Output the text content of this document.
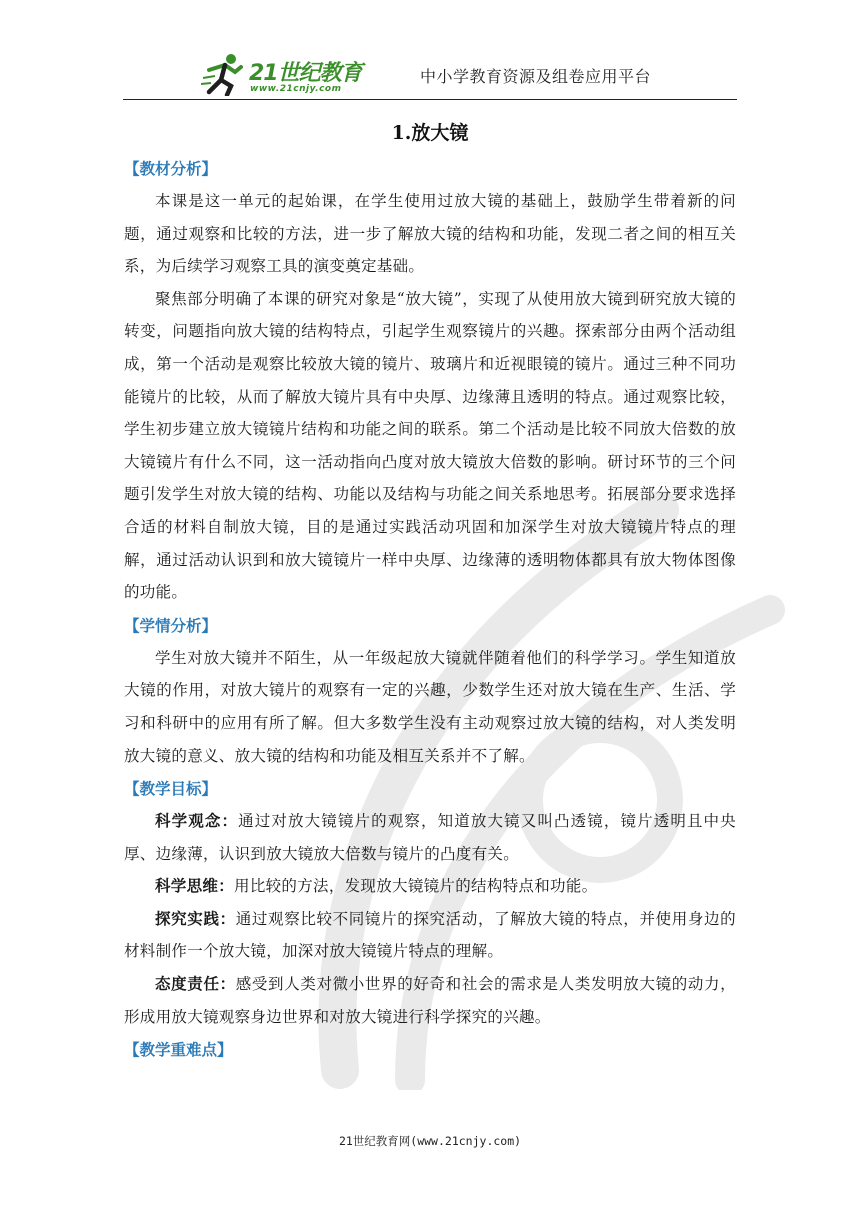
21世纪教育
www.21cnjy.com
中小学教育资源及组卷应用平台
1.放大镜
【教材分析】

本课是这一单元的起始课，在学生使用过放大镜的基础上，鼓励学生带着新的问题，通过观察和比较的方法，进一步了解放大镜的结构和功能，发现二者之间的相互关系，为后续学习观察工具的演变奠定基础。

聚焦部分明确了本课的研究对象是“放大镜”，实现了从使用放大镜到研究放大镜的转变，问题指向放大镜的结构特点，引起学生观察镜片的兴趣。探索部分由两个活动组成，第一个活动是观察比较放大镜的镜片、玻璃片和近视眼镜的镜片。通过三种不同功能镜片的比较，从而了解放大镜片具有中央厚、边缘薄且透明的特点。通过观察比较，学生初步建立放大镜镜片结构和功能之间的联系。第二个活动是比较不同放大倍数的放大镜镜片有什么不同，这一活动指向凸度对放大镜放大倍数的影响。研讨环节的三个问题引发学生对放大镜的结构、功能以及结构与功能之间关系地思考。拓展部分要求选择合适的材料自制放大镜，目的是通过实践活动巩固和加深学生对放大镜镜片特点的理解，通过活动认识到和放大镜镜片一样中央厚、边缘薄的透明物体都具有放大物体图像的功能。

【学情分析】

学生对放大镜并不陌生，从一年级起放大镜就伴随着他们的科学学习。学生知道放大镜的作用，对放大镜片的观察有一定的兴趣，少数学生还对放大镜在生产、生活、学习和科研中的应用有所了解。但大多数学生没有主动观察过放大镜的结构，对人类发明放大镜的意义、放大镜的结构和功能及相互关系并不了解。

【教学目标】

科学观念：通过对放大镜镜片的观察，知道放大镜又叫凸透镜，镜片透明且中央厚、边缘薄，认识到放大镜放大倍数与镜片的凸度有关。

科学思维：用比较的方法，发现放大镜镜片的结构特点和功能。

探究实践：通过观察比较不同镜片的探究活动，了解放大镜的特点，并使用身边的材料制作一个放大镜，加深对放大镜镜片特点的理解。

态度责任：感受到人类对微小世界的好奇和社会的需求是人类发明放大镜的动力，形成用放大镜观察身边世界和对放大镜进行科学探究的兴趣。

【教学重难点】
21世纪教育网(www.21cnjy.com)
